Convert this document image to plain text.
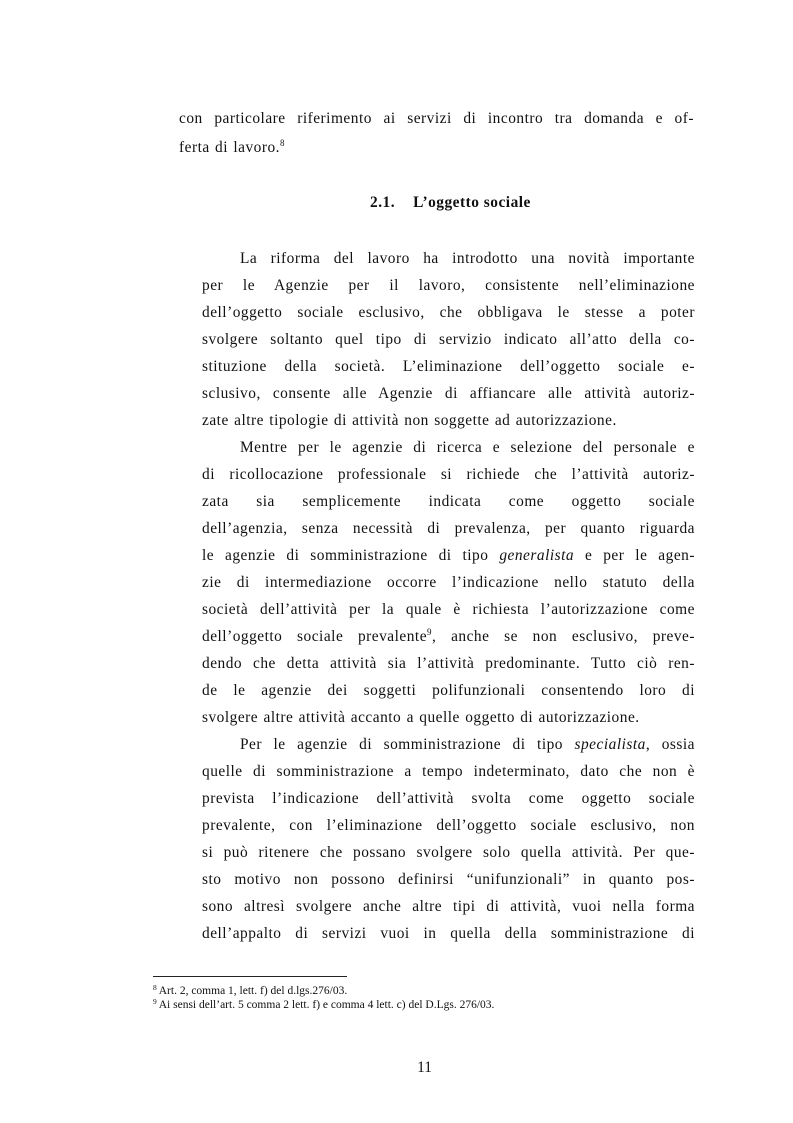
con particolare riferimento ai servizi di incontro tra domanda e of-
ferta di lavoro.$^8$
2.1. L’oggetto sociale
La riforma del lavoro ha introdotto una novità importante
per le Agenzie per il lavoro, consistente nell’eliminazione
dell’oggetto sociale esclusivo, che obbligava le stesse a poter
svolgere soltanto quel tipo di servizio indicato all’atto della co-
stituzione della società. L’eliminazione dell’oggetto sociale e-
sclusivo, consente alle Agenzie di affiancare alle attività autoriz-
zate altre tipologie di attività non soggette ad autorizzazione.
Mentre per le agenzie di ricerca e selezione del personale e
di ricollocazione professionale si richiede che l’attività autoriz-
zata sia semplicemente indicata come oggetto sociale
dell’agenzia, senza necessità di prevalenza, per quanto riguarda
le agenzie di somministrazione di tipo generalista e per le agen-
zie di intermediazione occorre l’indicazione nello statuto della
società dell’attività per la quale è richiesta l’autorizzazione come
dell’oggetto sociale prevalente$^9$, anche se non esclusivo, preve-
dendo che detta attività sia l’attività predominante. Tutto ciò ren-
de le agenzie dei soggetti polifunzionali consentendo loro di
svolgere altre attività accanto a quelle oggetto di autorizzazione.
Per le agenzie di somministrazione di tipo specialista, ossia
quelle di somministrazione a tempo indeterminato, dato che non è
prevista l’indicazione dell’attività svolta come oggetto sociale
prevalente, con l’eliminazione dell’oggetto sociale esclusivo, non
si può ritenere che possano svolgere solo quella attività. Per que-
sto motivo non possono definirsi “unifunzionali” in quanto pos-
sono altresì svolgere anche altre tipi di attività, vuoi nella forma
dell’appalto di servizi vuoi in quella della somministrazione di
$^8$ Art. 2, comma 1, lett. f) del d.lgs.276/03.
$^9$ Ai sensi dell’art. 5 comma 2 lett. f) e comma 4 lett. c) del D.Lgs. 276/03.
11
